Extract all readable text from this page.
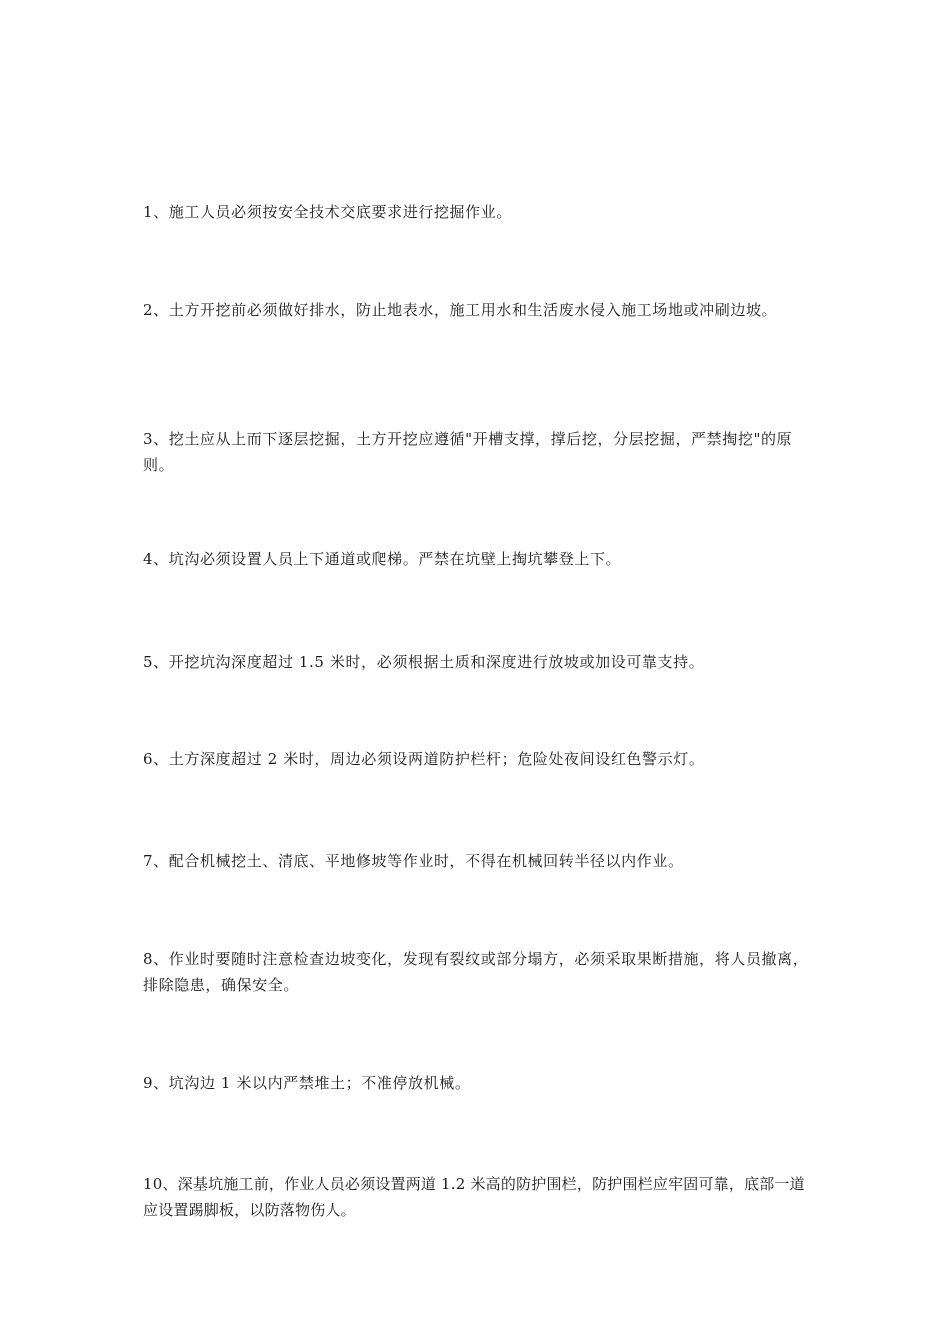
1、施工人员必须按安全技术交底要求进行挖掘作业。

2、土方开挖前必须做好排水，防止地表水，施工用水和生活废水侵入施工场地或冲刷边坡。

3、挖土应从上而下逐层挖掘，土方开挖应遵循"开槽支撑，撑后挖，分层挖掘，严禁掏挖"的原则。

4、坑沟必须设置人员上下通道或爬梯。严禁在坑壁上掏坑攀登上下。

5、开挖坑沟深度超过 1.5 米时，必须根据土质和深度进行放坡或加设可靠支持。

6、土方深度超过 2 米时，周边必须设两道防护栏杆；危险处夜间设红色警示灯。

7、配合机械挖土、清底、平地修坡等作业时，不得在机械回转半径以内作业。

8、作业时要随时注意检查边坡变化，发现有裂纹或部分塌方，必须采取果断措施，将人员撤离，排除隐患，确保安全。

9、坑沟边 1 米以内严禁堆土；不准停放机械。

10、深基坑施工前，作业人员必须设置两道 1.2 米高的防护围栏，防护围栏应牢固可靠，底部一道应设置踢脚板，以防落物伤人。
